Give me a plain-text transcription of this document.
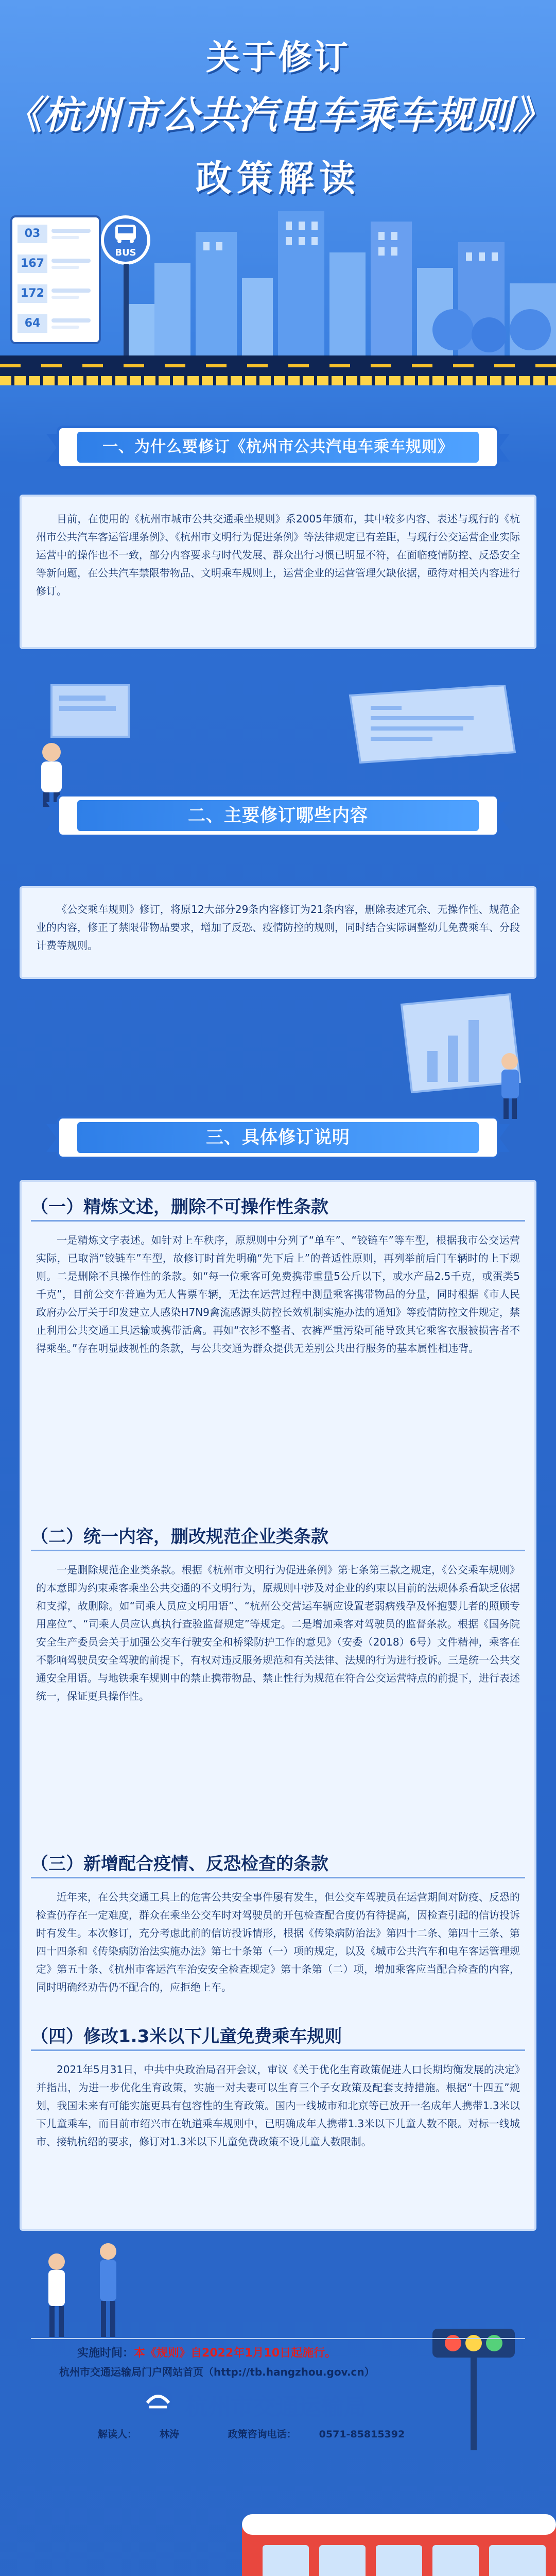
关于修订
《杭州市公共汽电车乘车规则》
政策解读
03
167
172
64
BUS
一、为什么要修订《杭州市公共汽电车乘车规则》
目前，在使用的《杭州市城市公共交通乘坐规则》系2005年颁布，其中较多内容、表述与现行的《杭州市公共汽车客运管理条例》、《杭州市文明行为促进条例》等法律规定已有差距，与现行公交运营企业实际运营中的操作也不一致，部分内容要求与时代发展、群众出行习惯已明显不符，在面临疫情防控、反恐安全等新问题，在公共汽车禁限带物品、文明乘车规则上，运营企业的运营管理欠缺依据，亟待对相关内容进行修订。
二、主要修订哪些内容
《公交乘车规则》修订，将原12大部分29条内容修订为21条内容，删除表述冗余、无操作性、规范企业的内容，修正了禁限带物品要求，增加了反恐、疫情防控的规则，同时结合实际调整幼儿免费乘车、分段计费等规则。
三、具体修订说明
（一）精炼文述，删除不可操作性条款
一是精炼文字表述。如针对上车秩序，原规则中分列了“单车”、“铰链车”等车型，根据我市公交运营实际，已取消“铰链车”车型，故修订时首先明确“先下后上”的普适性原则，再列举前后门车辆时的上下规则。二是删除不具操作性的条款。如“每一位乘客可免费携带重量5公斤以下，或水产品2.5千克，或蛋类5千克”，目前公交车普遍为无人售票车辆，无法在运营过程中测量乘客携带物品的分量，同时根据《市人民政府办公厅关于印发建立人感染H7N9禽流感源头防控长效机制实施办法的通知》等疫情防控文件规定，禁止利用公共交通工具运输或携带活禽。再如“衣衫不整者、衣裤严重污染可能导致其它乘客衣服被损害者不得乘坐。”存在明显歧视性的条款，与公共交通为群众提供无差别公共出行服务的基本属性相违背。
（二）统一内容，删改规范企业类条款
一是删除规范企业类条款。根据《杭州市文明行为促进条例》第七条第三款之规定，《公交乘车规则》的本意即为约束乘客乘坐公共交通的不文明行为，原规则中涉及对企业的约束以目前的法规体系看缺乏依据和支撑，故删除。如“司乘人员应文明用语”、“杭州公交营运车辆应设置老弱病残孕及怀抱婴儿者的照顾专用座位”、“司乘人员应认真执行查验监督规定”等规定。二是增加乘客对驾驶员的监督条款。根据《国务院安全生产委员会关于加强公交车行驶安全和桥梁防护工作的意见》（安委（2018）6号）文件精神，乘客在不影响驾驶员安全驾驶的前提下，有权对违反服务规范和有关法律、法规的行为进行投诉。三是统一公共交通安全用语。与地铁乘车规则中的禁止携带物品、禁止性行为规范在符合公交运营特点的前提下，进行表述统一，保证更具操作性。
（三）新增配合疫情、反恐检查的条款
近年来，在公共交通工具上的危害公共安全事件屡有发生，但公交车驾驶员在运营期间对防疫、反恐的检查仍存在一定难度，群众在乘坐公交车时对驾驶员的开包检查配合度仍有待提高，因检查引起的信访投诉时有发生。本次修订，充分考虑此前的信访投诉情形，根据《传染病防治法》第四十二条、第四十三条、第四十四条和《传染病防治法实施办法》第七十条第（一）项的规定，以及《城市公共汽车和电车客运管理规定》第五十条、《杭州市客运汽车治安安全检查规定》第十条第（二）项，增加乘客应当配合检查的内容，同时明确经劝告仍不配合的，应拒绝上车。
（四）修改1.3米以下儿童免费乘车规则
2021年5月31日，中共中央政治局召开会议，审议《关于优化生育政策促进人口长期均衡发展的决定》并指出，为进一步优化生育政策，实施一对夫妻可以生育三个子女政策及配套支持措施。根据“十四五”规划，我国未来有可能实施更具有包容性的生育政策。国内一线城市和北京等已放开一名成年人携带1.3米以下儿童乘车，而目前市绍兴市在轨道乘车规则中，已明确成年人携带1.3米以下儿童人数不限。对标一线城市、接轨杭绍的要求，修订对1.3米以下儿童免费政策不设儿童人数限制。
实施时间：本《规则》自2022年1月10日起施行。
杭州市交通运输局门户网站首页（http://tb.hangzhou.gov.cn）
杭州市交通运输局
解读人： 林涛	政策咨询电话： 0571-85815392
